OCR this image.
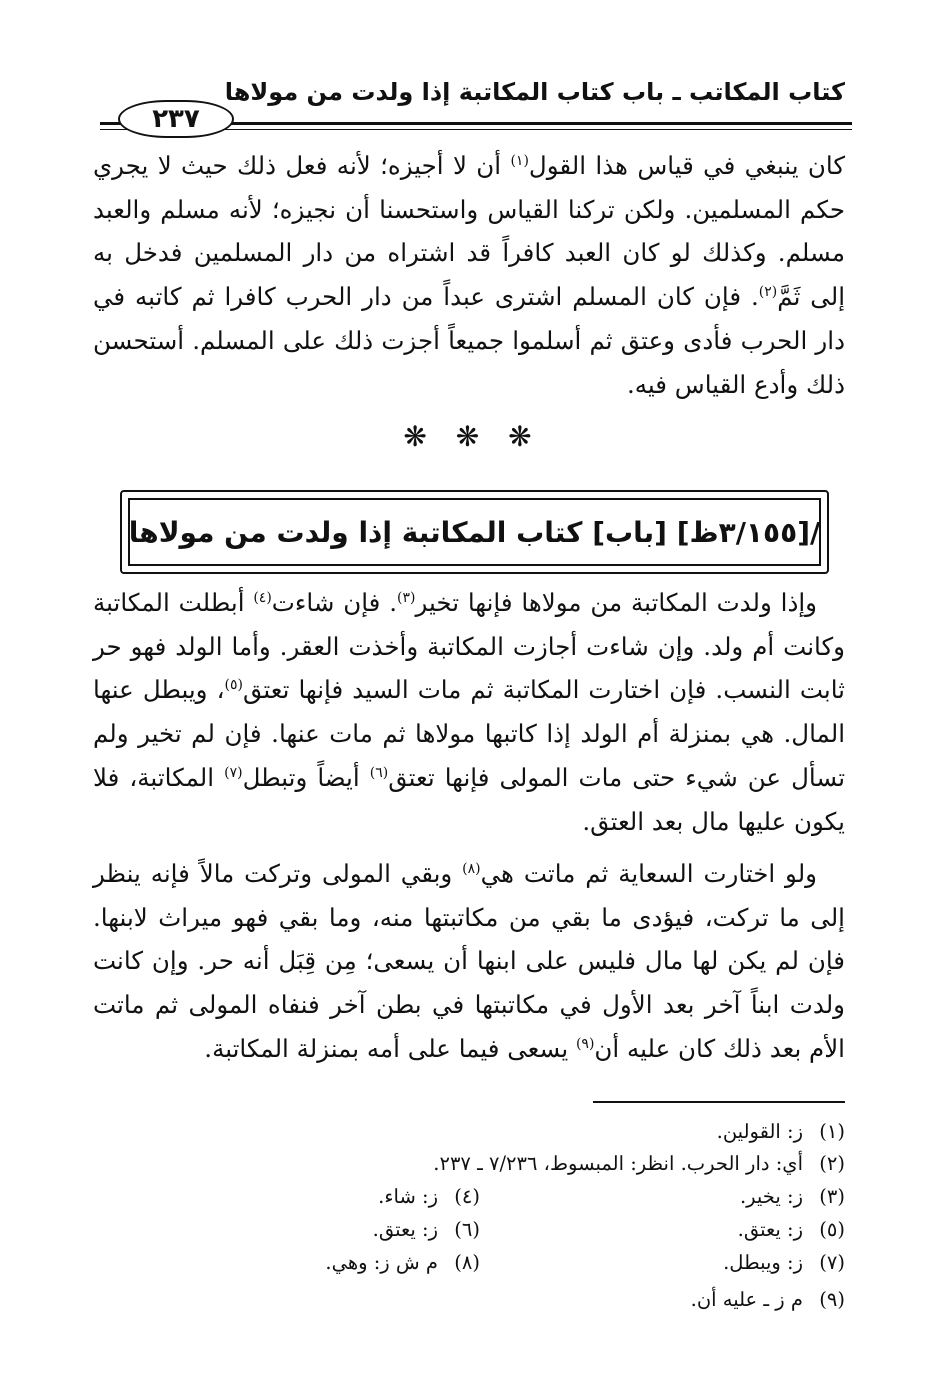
كتاب المكاتب ـ باب كتاب المكاتبة إذا ولدت من مولاها
٢٣٧

كان ينبغي في قياس هذا القول$^{(١)}$ أن لا أجيزه؛ لأنه فعل ذلك حيث لا يجري حكم المسلمين. ولكن تركنا القياس واستحسنا أن نجيزه؛ لأنه مسلم والعبد مسلم. وكذلك لو كان العبد كافراً قد اشتراه من دار المسلمين فدخل به إلى ثَمَّ$^{(٢)}$. فإن كان المسلم اشترى عبداً من دار الحرب كافرا ثم كاتبه في دار الحرب فأدى وعتق ثم أسلموا جميعاً أجزت ذلك على المسلم. أستحسن ذلك وأدع القياس فيه.

❋ ❋ ❋
/[٣/١٥٥ظ] [باب] كتاب المكاتبة إذا ولدت من مولاها

وإذا ولدت المكاتبة من مولاها فإنها تخير$^{(٣)}$. فإن شاءت$^{(٤)}$ أبطلت المكاتبة وكانت أم ولد. وإن شاءت أجازت المكاتبة وأخذت العقر. وأما الولد فهو حر ثابت النسب. فإن اختارت المكاتبة ثم مات السيد فإنها تعتق$^{(٥)}$، ويبطل عنها المال. هي بمنزلة أم الولد إذا كاتبها مولاها ثم مات عنها. فإن لم تخير ولم تسأل عن شيء حتى مات المولى فإنها تعتق$^{(٦)}$ أيضاً وتبطل$^{(٧)}$ المكاتبة، فلا يكون عليها مال بعد العتق.

ولو اختارت السعاية ثم ماتت هي$^{(٨)}$ وبقي المولى وتركت مالاً فإنه ينظر إلى ما تركت، فيؤدى ما بقي من مكاتبتها منه، وما بقي فهو ميراث لابنها. فإن لم يكن لها مال فليس على ابنها أن يسعى؛ مِن قِبَل أنه حر. وإن كانت ولدت ابناً آخر بعد الأول في مكاتبتها في بطن آخر فنفاه المولى ثم ماتت الأم بعد ذلك كان عليه أن$^{(٩)}$ يسعى فيما على أمه بمنزلة المكاتبة.

(١)ز: القولين.
(٢)أي: دار الحرب. انظر: المبسوط، ٧/٢٣٦ ـ ٢٣٧.
(٣)ز: يخير.
(٤)ز: شاء.
(٥)ز: يعتق.
(٦)ز: يعتق.
(٧)ز: ويبطل.
(٨)م ش ز: وهي.
(٩)م ز ـ عليه أن.
